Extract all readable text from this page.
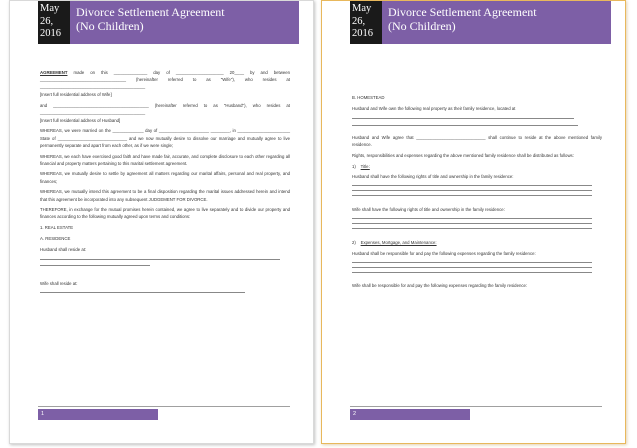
May
26,
2016
Divorce Settlement Agreement
(No Children)
AGREEMENT made on this ______________ day of ____________________ 20____ by and between ____________________________________ (hereinafter referred to as "Wife"), who resides at ____________________________________________
[Insert full residential address of Wife]
and ________________________________________ (hereinafter referred to as "Husband"), who resides at ____________________________________________
[Insert full residential address of Husband]
WHEREAS, we were married on the _____________ day of _____________________ ________, in ______________________ State of _____________________________ and we now mutually desire to dissolve our marriage and mutually agree to live permanently separate and apart from each other, as if we were single;
WHEREAS, we each have exercised good faith and have made fair, accurate, and complete disclosure to each other regarding all financial and property matters pertaining to this marital settlement agreement.
WHEREAS, we mutually desire to settle by agreement all matters regarding our marital affairs, personal and real property, and finances;
WHEREAS, we mutually intend this agreement to be a final disposition regarding the marital issues addressed herein and intend that this agreement be incorporated into any subsequent JUDGEMENT FOR DIVORCE.
THEREFORE, in exchange for the mutual promises herein contained, we agree to live separately and to divide our property and finances according to the following mutually agreed upon terms and conditions:
1. REAL ESTATE
A. RESIDENCE
Husband shall reside at:
Wife shall reside at:
1
May
26,
2016
Divorce Settlement Agreement
(No Children)
B. HOMESTEAD
Husband and Wife own the following real property as their family residence, located at
Husband and Wife agree that _____________________________ shall continue to reside at the above mentioned family residence.
Rights, responsibilities and expenses regarding the above mentioned family residence shall be distributed as follows:
1) Title:
Husband shall have the following rights of title and ownership in the family residence:
Wife shall have the following rights of title and ownership in the family residence:
2) Expenses, Mortgage, and Maintenance:
Husband shall be responsible for and pay the following expenses regarding the family residence:
Wife shall be responsible for and pay the following expenses regarding the family residence:
2
